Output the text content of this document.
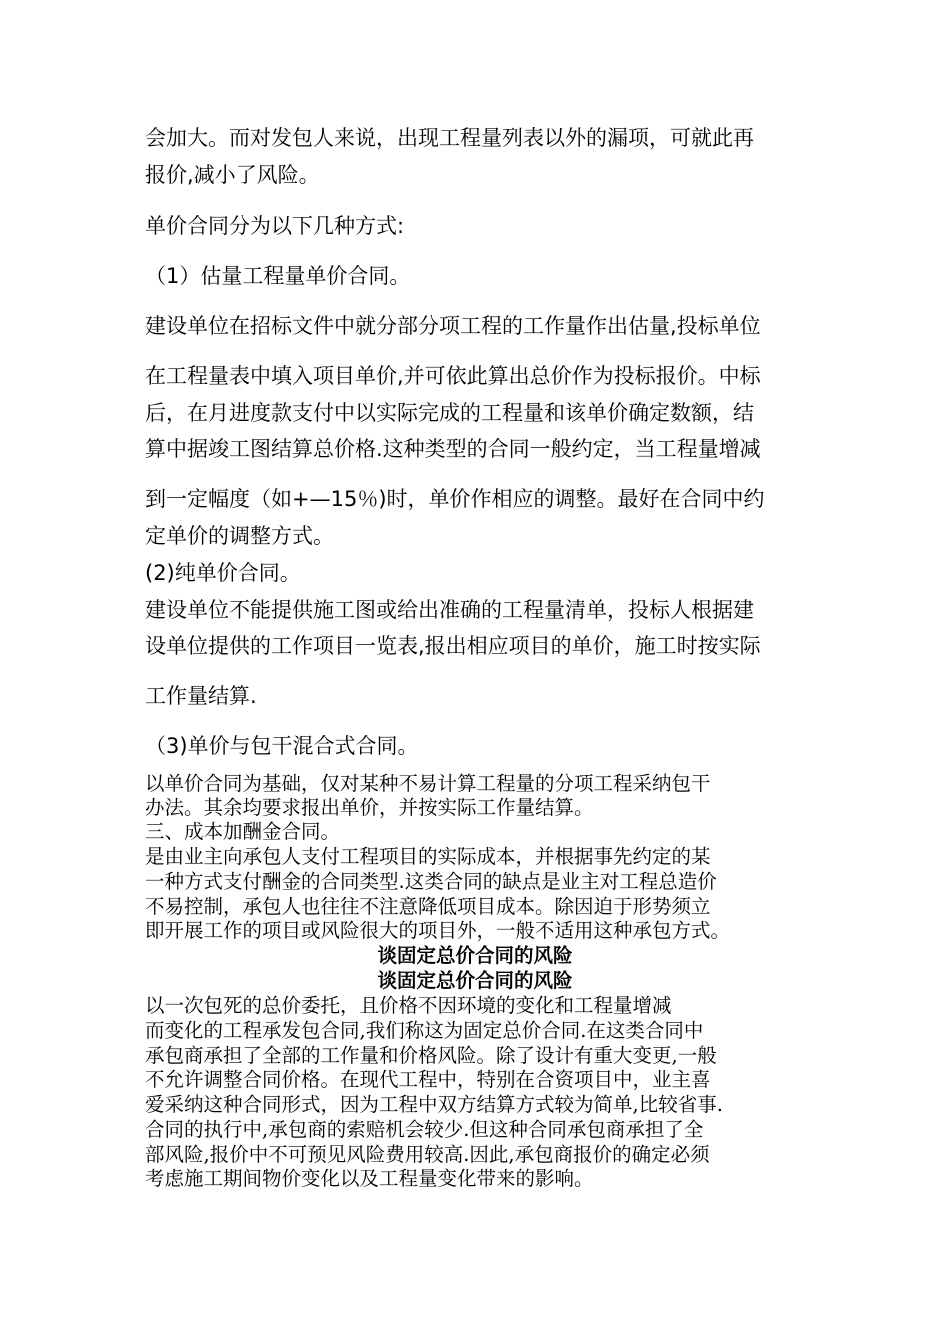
会加大。而对发包人来说，出现工程量列表以外的漏项，可就此再

报价,减小了风险。

单价合同分为以下几种方式:

（1）估量工程量单价合同。

建设单位在招标文件中就分部分项工程的工作量作出估量,投标单位

在工程量表中填入项目单价,并可依此算出总价作为投标报价。中标

后，在月进度款支付中以实际完成的工程量和该单价确定数额，结

算中据竣工图结算总价格.这种类型的合同一般约定，当工程量增减

到一定幅度（如+—15％)时，单价作相应的调整。最好在合同中约

定单价的调整方式。

(2)纯单价合同。

建设单位不能提供施工图或给出准确的工程量清单，投标人根据建

设单位提供的工作项目一览表,报出相应项目的单价，施工时按实际

工作量结算.

（3)单价与包干混合式合同。

以单价合同为基础，仅对某种不易计算工程量的分项工程采纳包干

办法。其余均要求报出单价，并按实际工作量结算。

三、成本加酬金合同。

是由业主向承包人支付工程项目的实际成本，并根据事先约定的某

一种方式支付酬金的合同类型.这类合同的缺点是业主对工程总造价

不易控制，承包人也往往不注意降低项目成本。除因迫于形势须立

即开展工作的项目或风险很大的项目外，一般不适用这种承包方式。

谈固定总价合同的风险

谈固定总价合同的风险

以一次包死的总价委托，且价格不因环境的变化和工程量增减

而变化的工程承发包合同,我们称这为固定总价合同.在这类合同中

承包商承担了全部的工作量和价格风险。除了设计有重大变更,一般

不允许调整合同价格。在现代工程中，特别在合资项目中，业主喜

爱采纳这种合同形式，因为工程中双方结算方式较为简单,比较省事.

合同的执行中,承包商的索赔机会较少.但这种合同承包商承担了全

部风险,报价中不可预见风险费用较高.因此,承包商报价的确定必须

考虑施工期间物价变化以及工程量变化带来的影响。
